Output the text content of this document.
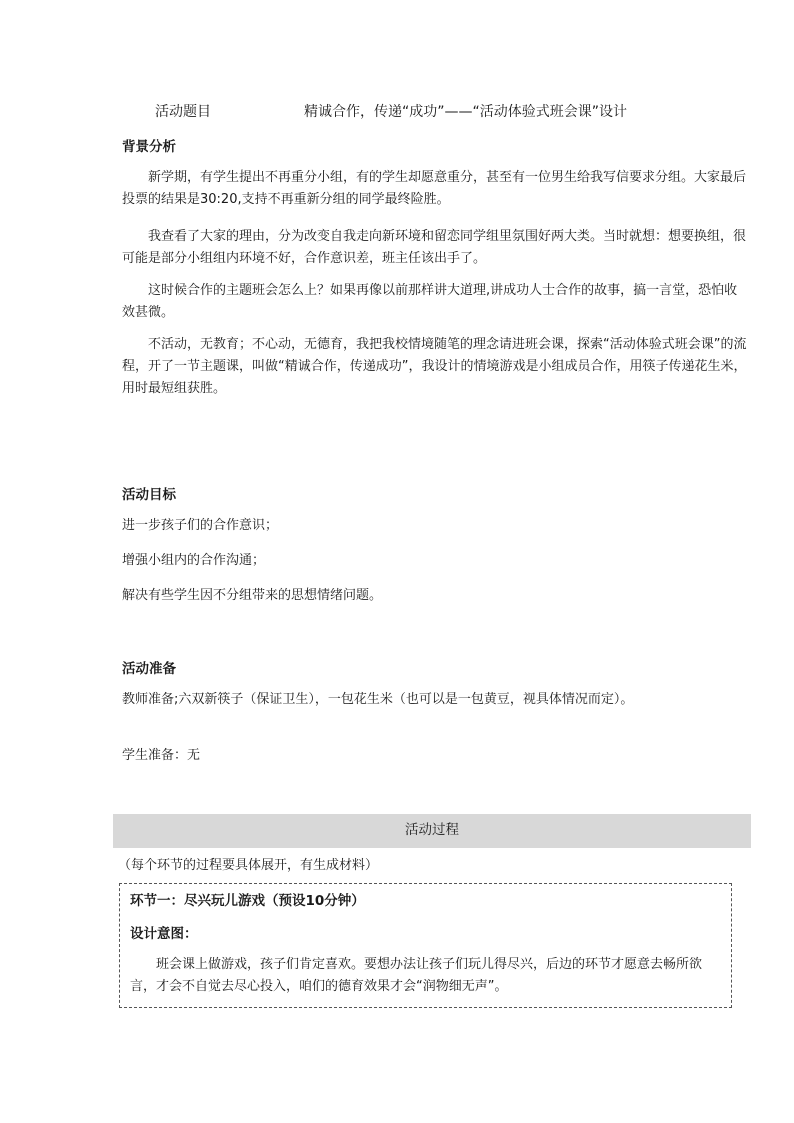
活动题目	精诚合作，传递“成功”——“活动体验式班会课”设计

背景分析

新学期，有学生提出不再重分小组，有的学生却愿意重分，甚至有一位男生给我写信要求分组。大家最后投票的结果是30:20,支持不再重新分组的同学最终险胜。

我查看了大家的理由，分为改变自我走向新环境和留恋同学组里氛围好两大类。当时就想：想要换组，很可能是部分小组组内环境不好，合作意识差，班主任该出手了。

这时候合作的主题班会怎么上？如果再像以前那样讲大道理,讲成功人士合作的故事，搞一言堂，恐怕收效甚微。

不活动，无教育；不心动，无德育，我把我校情境随笔的理念请进班会课，探索“活动体验式班会课”的流程，开了一节主题课，叫做“精诚合作，传递成功”，我设计的情境游戏是小组成员合作，用筷子传递花生米，用时最短组获胜。

活动目标

进一步孩子们的合作意识；

增强小组内的合作沟通；

解决有些学生因不分组带来的思想情绪问题。

活动准备

教师准备;六双新筷子（保证卫生），一包花生米（也可以是一包黄豆，视具体情况而定）。

学生准备：无

活动过程

（每个环节的过程要具体展开，有生成材料）

环节一：尽兴玩儿游戏（预设10分钟）

设计意图：

班会课上做游戏，孩子们肯定喜欢。要想办法让孩子们玩儿得尽兴，后边的环节才愿意去畅所欲言，才会不自觉去尽心投入，咱们的德育效果才会“润物细无声”。
